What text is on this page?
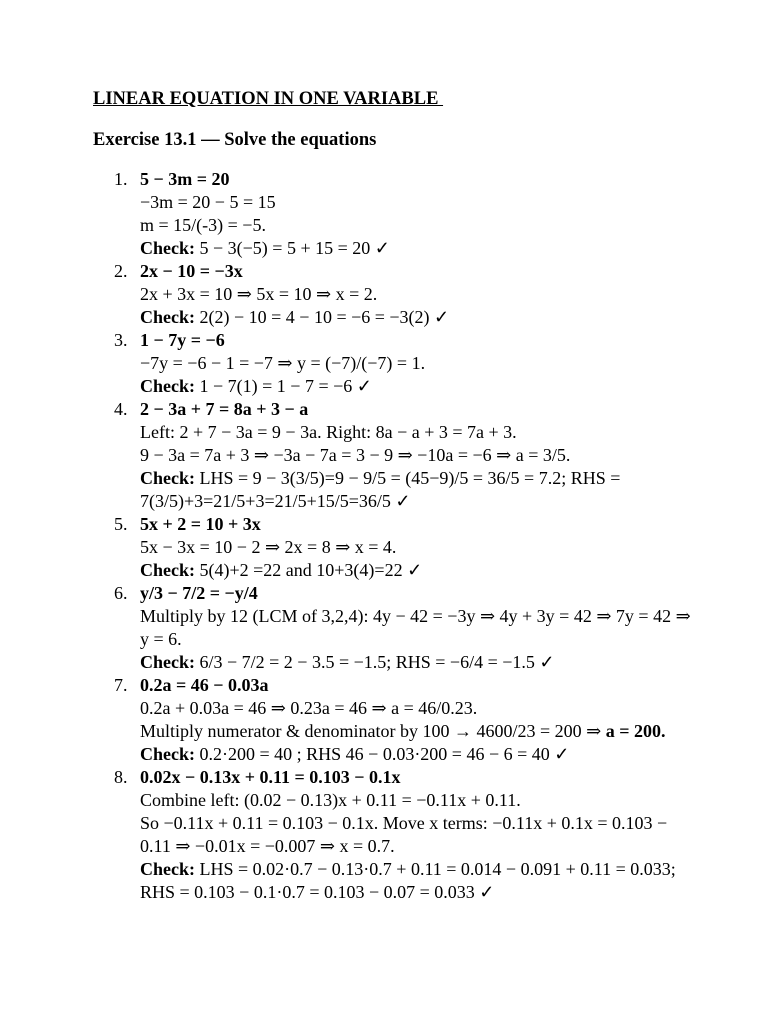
LINEAR EQUATION IN ONE VARIABLE
Exercise 13.1 — Solve the equations
1. 5 − 3m = 20
−3m = 20 − 5 = 15
m = 15/(-3) = −5.
Check: 5 − 3(−5) = 5 + 15 = 20 ✓
2. 2x − 10 = −3x
2x + 3x = 10 ⇒ 5x = 10 ⇒ x = 2.
Check: 2(2) − 10 = 4 − 10 = −6 = −3(2) ✓
3. 1 − 7y = −6
−7y = −6 − 1 = −7 ⇒ y = (−7)/(−7) = 1.
Check: 1 − 7(1) = 1 − 7 = −6 ✓
4. 2 − 3a + 7 = 8a + 3 − a
Left: 2 + 7 − 3a = 9 − 3a. Right: 8a − a + 3 = 7a + 3.
9 − 3a = 7a + 3 ⇒ −3a − 7a = 3 − 9 ⇒ −10a = −6 ⇒ a = 3/5.
Check: LHS = 9 − 3(3/5)=9 − 9/5 = (45−9)/5 = 36/5 = 7.2; RHS = 7(3/5)+3=21/5+3=21/5+15/5=36/5 ✓
5. 5x + 2 = 10 + 3x
5x − 3x = 10 − 2 ⇒ 2x = 8 ⇒ x = 4.
Check: 5(4)+2 =22 and 10+3(4)=22 ✓
6. y/3 − 7/2 = −y/4
Multiply by 12 (LCM of 3,2,4): 4y − 42 = −3y ⇒ 4y + 3y = 42 ⇒ 7y = 42 ⇒ y = 6.
Check: 6/3 − 7/2 = 2 − 3.5 = −1.5; RHS = −6/4 = −1.5 ✓
7. 0.2a = 46 − 0.03a
0.2a + 0.03a = 46 ⇒ 0.23a = 46 ⇒ a = 46/0.23.
Multiply numerator & denominator by 100 → 4600/23 = 200 ⇒ a = 200.
Check: 0.2·200 = 40 ; RHS 46 − 0.03·200 = 46 − 6 = 40 ✓
8. 0.02x − 0.13x + 0.11 = 0.103 − 0.1x
Combine left: (0.02 − 0.13)x + 0.11 = −0.11x + 0.11.
So −0.11x + 0.11 = 0.103 − 0.1x. Move x terms: −0.11x + 0.1x = 0.103 − 0.11 ⇒ −0.01x = −0.007 ⇒ x = 0.7.
Check: LHS = 0.02·0.7 − 0.13·0.7 + 0.11 = 0.014 − 0.091 + 0.11 = 0.033; RHS = 0.103 − 0.1·0.7 = 0.103 − 0.07 = 0.033 ✓
